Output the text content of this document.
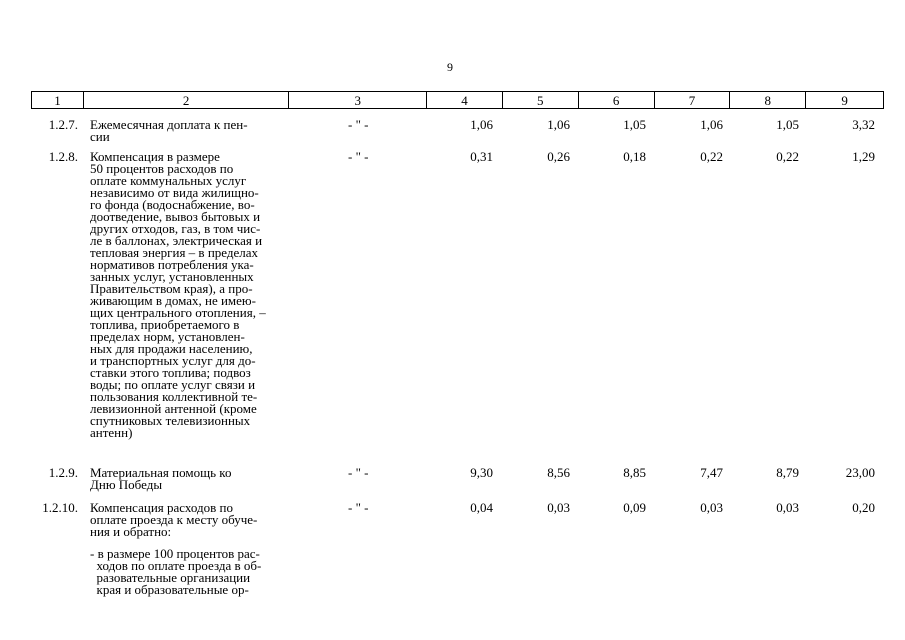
9
1	2	3	4	5	6	7	8	9
1.2.7. Ежемесячная доплата к пен-
сии
- " -	1,06	1,06	1,05	1,06	1,05	3,32
1.2.8. Компенсация в размере
50 процентов расходов по
оплате коммунальных услуг
независимо от вида жилищно-
го фонда (водоснабжение, во-
доотведение, вывоз бытовых и
других отходов, газ, в том чис-
ле в баллонах, электрическая и
тепловая энергия – в пределах
нормативов потребления ука-
занных услуг, установленных
Правительством края), а про-
живающим в домах, не имею-
щих центрального отопления, –
топлива, приобретаемого в
пределах норм, установлен-
ных для продажи населению,
и транспортных услуг для до-
ставки этого топлива; подвоз
воды; по оплате услуг связи и
пользования коллективной те-
левизионной антенной (кроме
спутниковых телевизионных
антенн)
- " -	0,31	0,26	0,18	0,22	0,22	1,29
1.2.9. Материальная помощь ко
Дню Победы
- " -	9,30	8,56	8,85	7,47	8,79	23,00
1.2.10. Компенсация расходов по
оплате проезда к месту обуче-
ния и обратно:
- " -	0,04	0,03	0,09	0,03	0,03	0,20
- в размере 100 процентов рас-
ходов по оплате проезда в об-
разовательные организации
края и образовательные ор-
